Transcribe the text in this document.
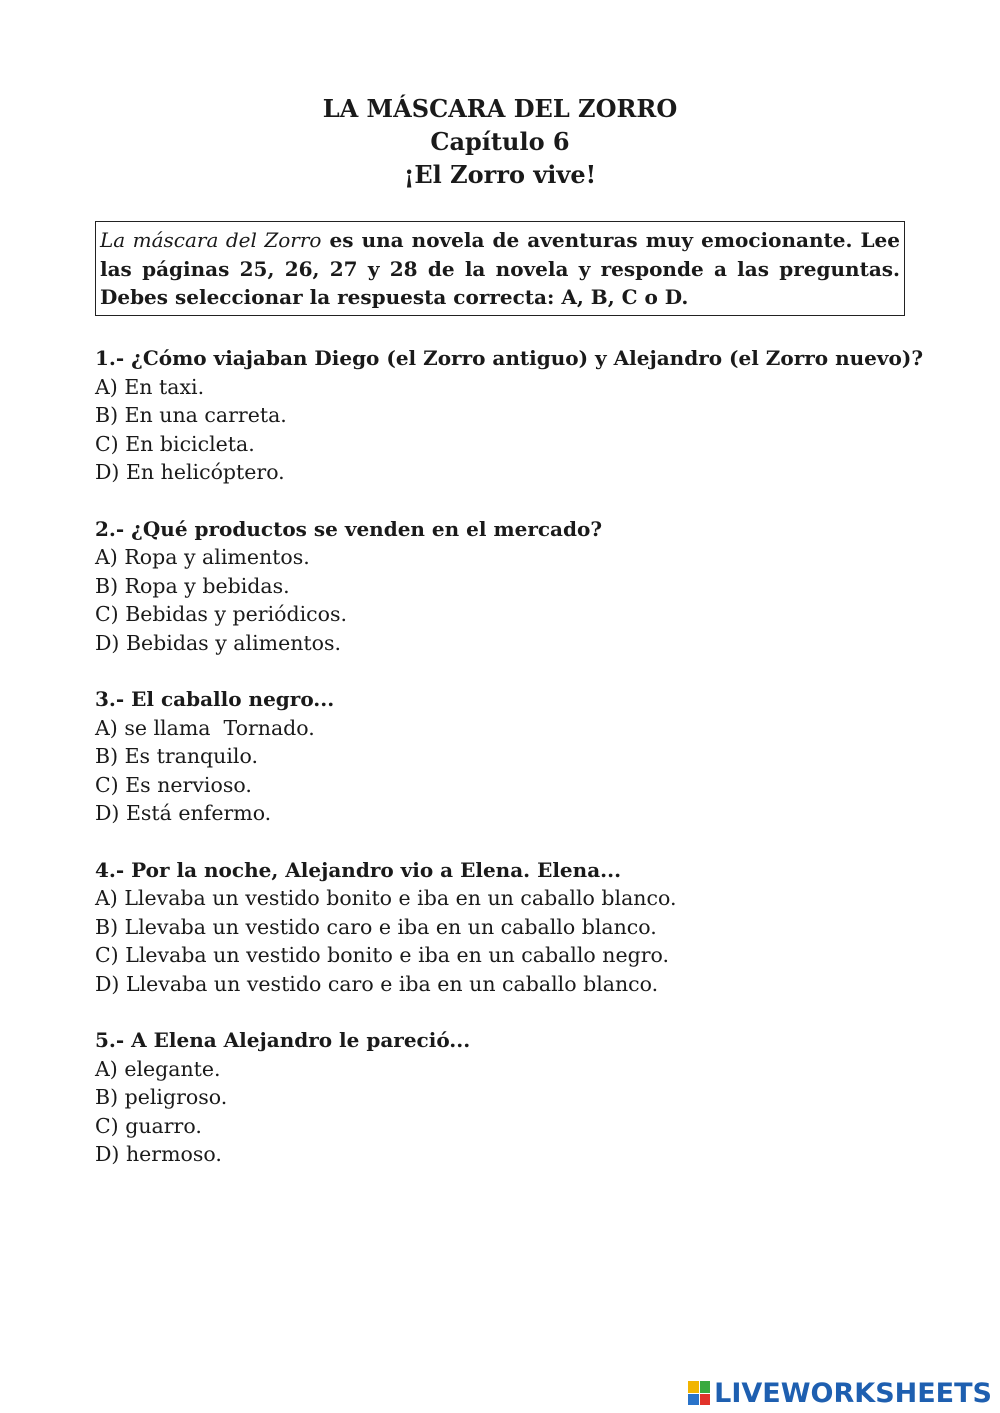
LA MÁSCARA DEL ZORRO
Capítulo 6
¡El Zorro vive!
La máscara del Zorro es una novela de aventuras muy emocionante. Lee las páginas 25, 26, 27 y 28 de la novela y responde a las preguntas. Debes seleccionar la respuesta correcta: A, B, C o D.
1.- ¿Cómo viajaban Diego (el Zorro antiguo) y Alejandro (el Zorro nuevo)?
A) En taxi.
B) En una carreta.
C) En bicicleta.
D) En helicóptero.
2.- ¿Qué productos se venden en el mercado?
A) Ropa y alimentos.
B) Ropa y bebidas.
C) Bebidas y periódicos.
D) Bebidas y alimentos.
3.- El caballo negro...
A) se llama  Tornado.
B) Es tranquilo.
C) Es nervioso.
D) Está enfermo.
4.- Por la noche, Alejandro vio a Elena. Elena...
A) Llevaba un vestido bonito e iba en un caballo blanco.
B) Llevaba un vestido caro e iba en un caballo blanco.
C) Llevaba un vestido bonito e iba en un caballo negro.
D) Llevaba un vestido caro e iba en un caballo blanco.
5.- A Elena Alejandro le pareció...
A) elegante.
B) peligroso.
C) guarro.
D) hermoso.
LIVEWORKSHEETS
